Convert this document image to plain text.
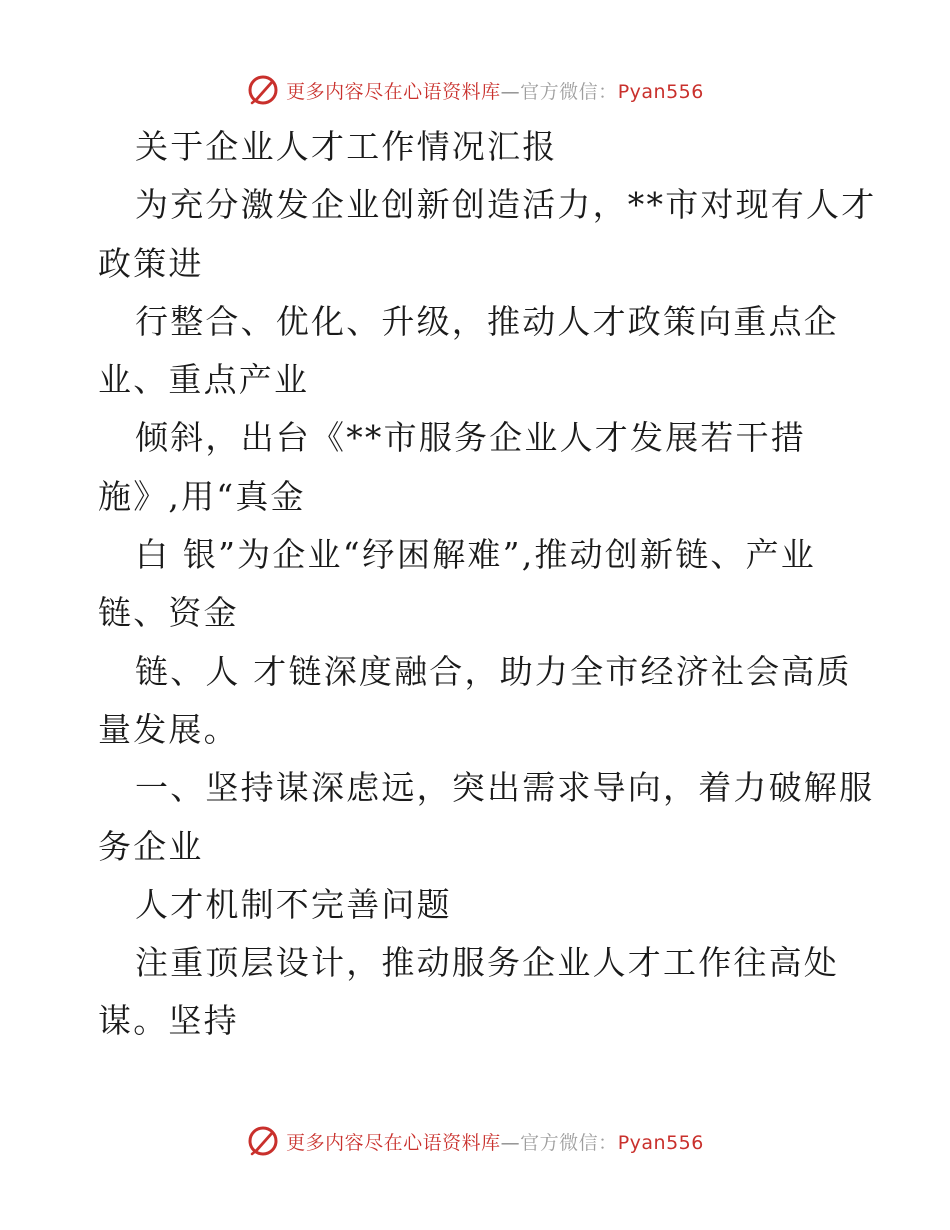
更多内容尽在心语资料库—官方微信：Pyan556
关于企业人才工作情况汇报
为充分激发企业创新创造活力，**市对现有人才
政策进
行整合、优化、升级，推动人才政策向重点企
业、重点产业
倾斜，出台《**市服务企业人才发展若干措
施》,用“真金
白 银”为企业“纾困解难”,推动创新链、产业
链、资金
链、人 才链深度融合，助力全市经济社会高质
量发展。
一、坚持谋深虑远，突出需求导向，着力破解服
务企业
人才机制不完善问题
注重顶层设计，推动服务企业人才工作往高处
谋。坚持
更多内容尽在心语资料库—官方微信：Pyan556
